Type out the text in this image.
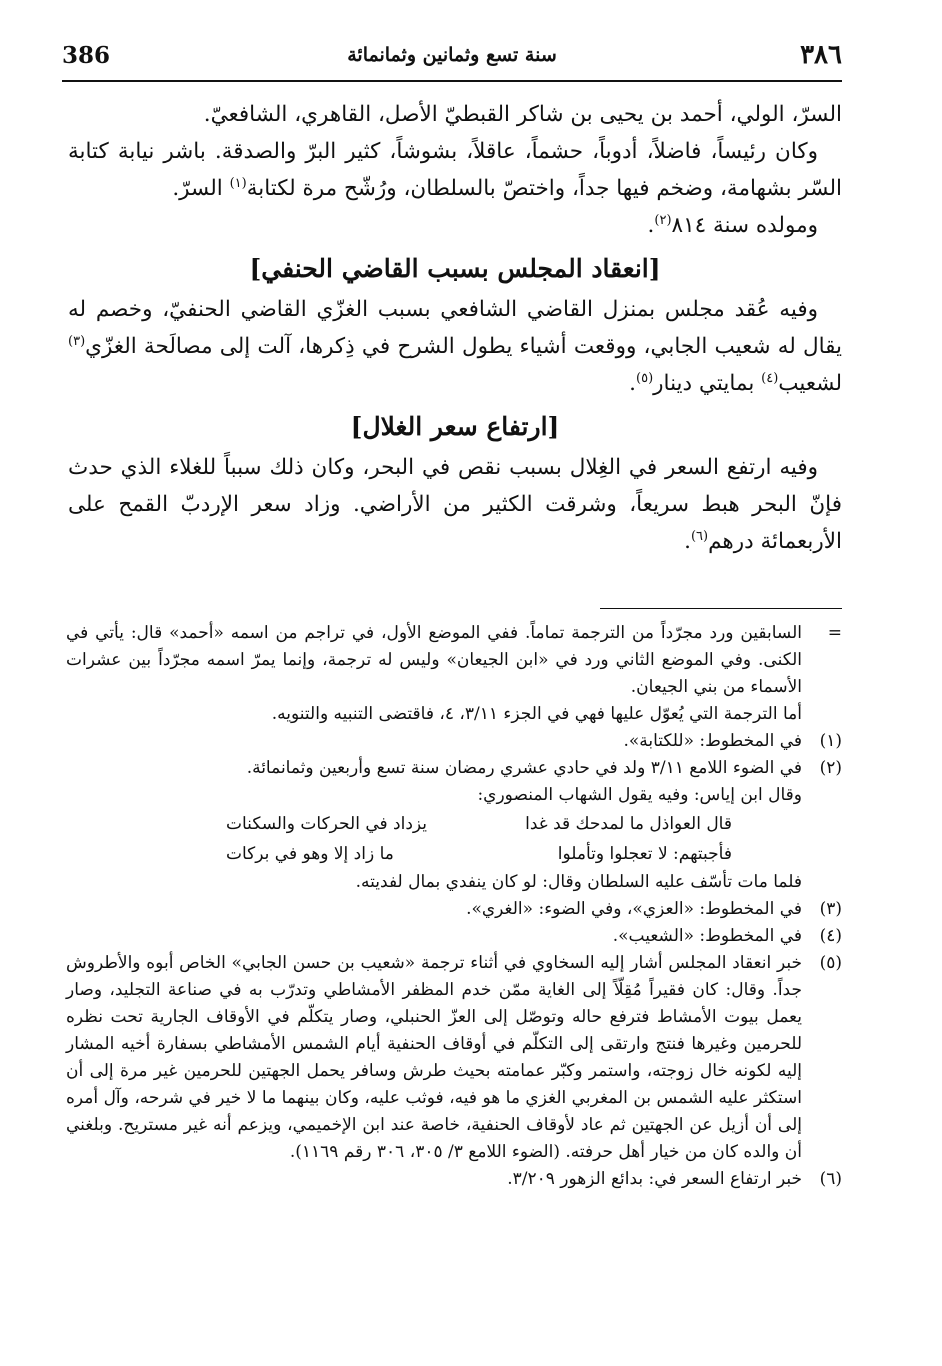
386	سنة تسع وثمانين وثمانمائة	٣٨٦

السرّ، الولي، أحمد بن يحيى بن شاكر القبطيّ الأصل، القاهري، الشافعيّ.

وكان رئيساً، فاضلاً، أدوباً، حشماً، عاقلاً، بشوشاً، كثير البرّ والصدقة. باشر نيابة كتابة السّر بشهامة، وضخم فيها جداً، واختصّ بالسلطان، ورُشّح مرة لكتابة$^{(١)}$ السرّ.

ومولده سنة ٨١٤$^{(٢)}$.

[انعقاد المجلس بسبب القاضي الحنفي]

وفيه عُقد مجلس بمنزل القاضي الشافعي بسبب الغزّي القاضي الحنفيّ، وخصم له يقال له شعيب الجابي، ووقعت أشياء يطول الشرح في ذِكرها، آلت إلى مصالَحة الغزّي$^{(٣)}$ لشعيب$^{(٤)}$ بمايتي دينار$^{(٥)}$.

[ارتفاع سعر الغلال]

وفيه ارتفع السعر في الغِلال بسبب نقص في البحر، وكان ذلك سبباً للغلاء الذي حدث فإنّ البحر هبط سريعاً، وشرقت الكثير من الأراضي. وزاد سعر الإردبّ القمح على الأربعمائة درهم$^{(٦)}$.

=
السابقين ورد مجرّداً من الترجمة تماماً. ففي الموضع الأول، في تراجم من اسمه «أحمد» قال: يأتي في الكنى. وفي الموضع الثاني ورد في «ابن الجيعان» وليس له ترجمة، وإنما يمرّ اسمه مجرّداً بين عشرات الأسماء من بني الجيعان.
أما الترجمة التي يُعوّل عليها فهي في الجزء ٣/١١، ٤، فاقتضى التنبيه والتنويه.
(١)
في المخطوط: «للكتابة».
(٢)
في الضوء اللامع ٣/١١ ولد في حادي عشري رمضان سنة تسع وأربعين وثمانمائة.
وقال ابن إياس: وفيه يقول الشهاب المنصوري:
قال العواذل ما لمدحك قد غدا
يزداد في الحركات والسكنات
فأجبتهم: لا تعجلوا وتأملوا
ما زاد إلا وهو في بركات
فلما مات تأسّف عليه السلطان وقال: لو كان ينفدي بمال لفديته.
(٣)
في المخطوط: «العزي»، وفي الضوء: «الغري».
(٤)
في المخطوط: «الشعيب».
(٥)
خبر انعقاد المجلس أشار إليه السخاوي في أثناء ترجمة «شعيب بن حسن الجابي» الخاص أبوه والأطروش جداً. وقال: كان فقيراً مُقِلّاً إلى الغاية ممّن خدم المظفر الأمشاطي وتدرّب به في صناعة التجليد، وصار يعمل بيوت الأمشاط فترفع حاله وتوصّل إلى العزّ الحنبلي، وصار يتكلّم في الأوقاف الجارية تحت نظره للحرمين وغيرها فنتج وارتقى إلى التكلّم في أوقاف الحنفية أيام الشمس الأمشاطي بسفارة أخيه المشار إليه لكونه خال زوجته، واستمر وكبّر عمامته بحيث طرش وسافر يحمل الجهتين للحرمين غير مرة إلى أن استكثر عليه الشمس بن المغربي الغزي ما هو فيه، فوثب عليه، وكان بينهما ما لا خير في شرحه، وآل أمره إلى أن أزيل عن الجهتين ثم عاد لأوقاف الحنفية، خاصة عند ابن الإخميمي، ويزعم أنه غير مستريح. وبلغني أن والده كان من خيار أهل حرفته. (الضوء اللامع ٣/ ٣٠٥، ٣٠٦ رقم ١١٦٩).
(٦)
خبر ارتفاع السعر في: بدائع الزهور ٣/٢٠٩.
